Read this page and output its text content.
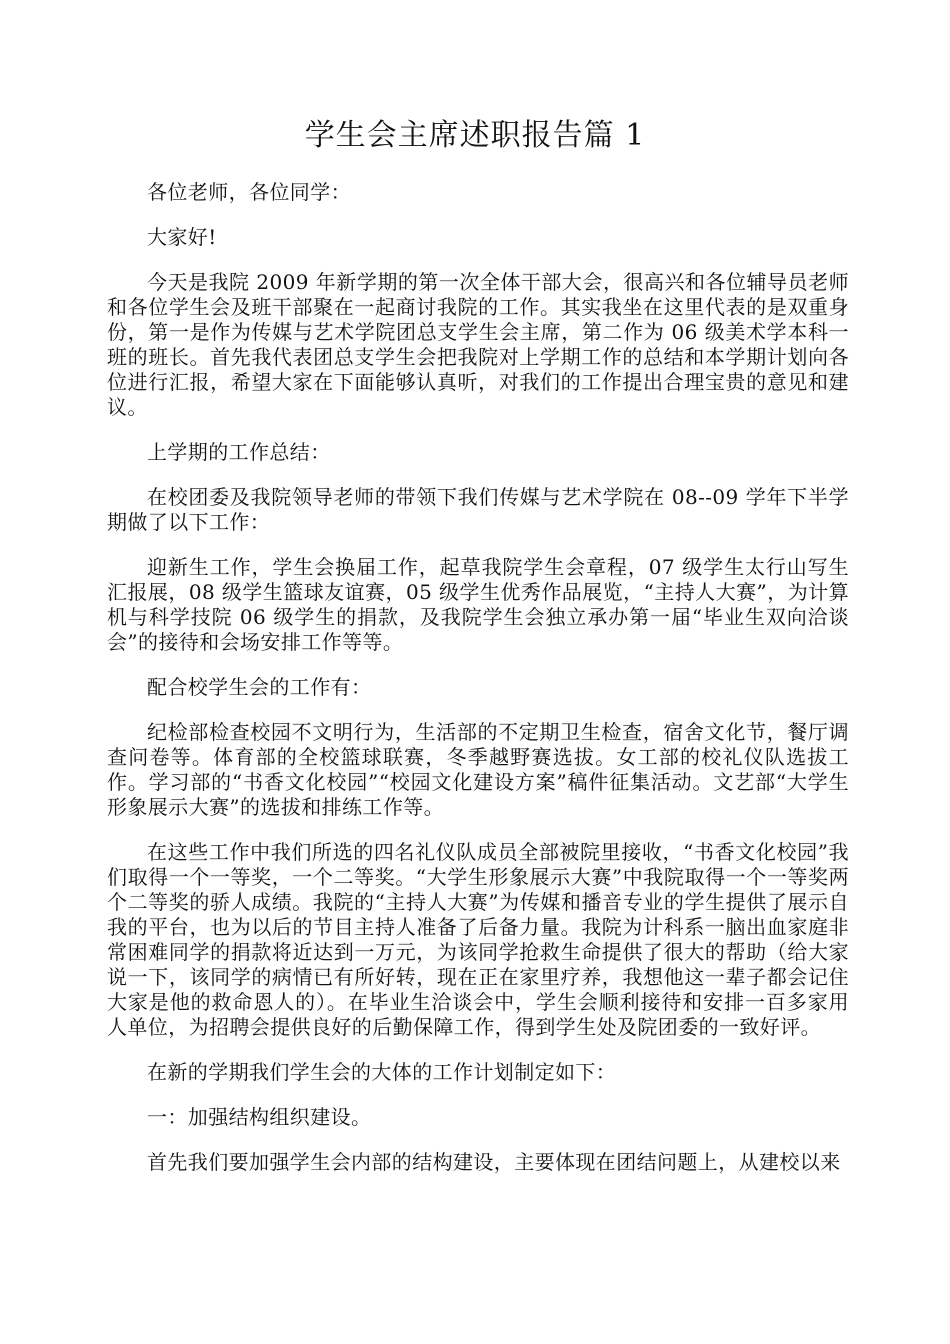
学生会主席述职报告篇 1

各位老师，各位同学：

大家好!

今天是我院 2009 年新学期的第一次全体干部大会，很高兴和各位辅导员老师和各位学生会及班干部聚在一起商讨我院的工作。其实我坐在这里代表的是双重身份，第一是作为传媒与艺术学院团总支学生会主席，第二作为 06 级美术学本科一班的班长。首先我代表团总支学生会把我院对上学期工作的总结和本学期计划向各位进行汇报，希望大家在下面能够认真听，对我们的工作提出合理宝贵的意见和建议。

上学期的工作总结：

在校团委及我院领导老师的带领下我们传媒与艺术学院在 08--09 学年下半学期做了以下工作：

迎新生工作，学生会换届工作，起草我院学生会章程，07 级学生太行山写生汇报展，08 级学生篮球友谊赛，05 级学生优秀作品展览，“主持人大赛”，为计算机与科学技院 06 级学生的捐款，及我院学生会独立承办第一届“毕业生双向洽谈会”的接待和会场安排工作等等。

配合校学生会的工作有：

纪检部检查校园不文明行为，生活部的不定期卫生检查，宿舍文化节，餐厅调查问卷等。体育部的全校篮球联赛，冬季越野赛选拔。女工部的校礼仪队选拔工作。学习部的“书香文化校园”“校园文化建设方案”稿件征集活动。文艺部“大学生形象展示大赛”的选拔和排练工作等。

在这些工作中我们所选的四名礼仪队成员全部被院里接收，“书香文化校园”我们取得一个一等奖，一个二等奖。“大学生形象展示大赛”中我院取得一个一等奖两个二等奖的骄人成绩。我院的“主持人大赛”为传媒和播音专业的学生提供了展示自我的平台，也为以后的节目主持人准备了后备力量。我院为计科系一脑出血家庭非常困难同学的捐款将近达到一万元，为该同学抢救生命提供了很大的帮助（给大家说一下，该同学的病情已有所好转，现在正在家里疗养，我想他这一辈子都会记住大家是他的救命恩人的）。在毕业生洽谈会中，学生会顺利接待和安排一百多家用人单位，为招聘会提供良好的后勤保障工作，得到学生处及院团委的一致好评。

在新的学期我们学生会的大体的工作计划制定如下：

一：加强结构组织建设。

首先我们要加强学生会内部的结构建设，主要体现在团结问题上，从建校以来
